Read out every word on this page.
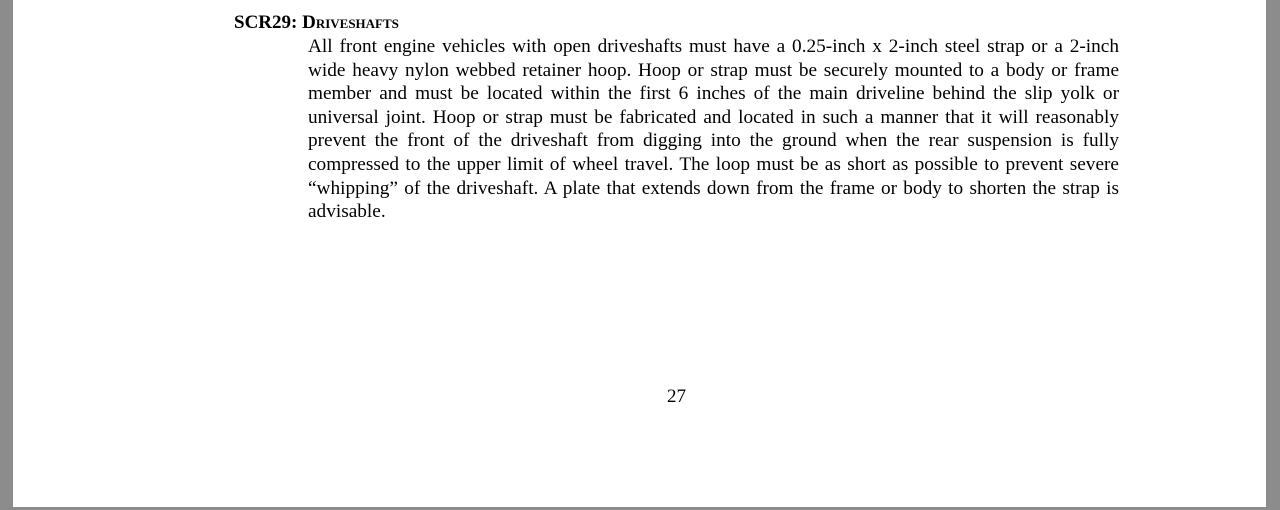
SCR29: Driveshafts

All front engine vehicles with open driveshafts must have a 0.25-inch x 2-inch steel strap or a 2-inch wide heavy nylon webbed retainer hoop. Hoop or strap must be securely mounted to a body or frame member and must be located within the first 6 inches of the main driveline behind the slip yolk or universal joint. Hoop or strap must be fabricated and located in such a manner that it will reasonably prevent the front of the driveshaft from digging into the ground when the rear suspension is fully compressed to the upper limit of wheel travel. The loop must be as short as possible to prevent severe “whipping” of the driveshaft. A plate that extends down from the frame or body to shorten the strap is advisable.

27
